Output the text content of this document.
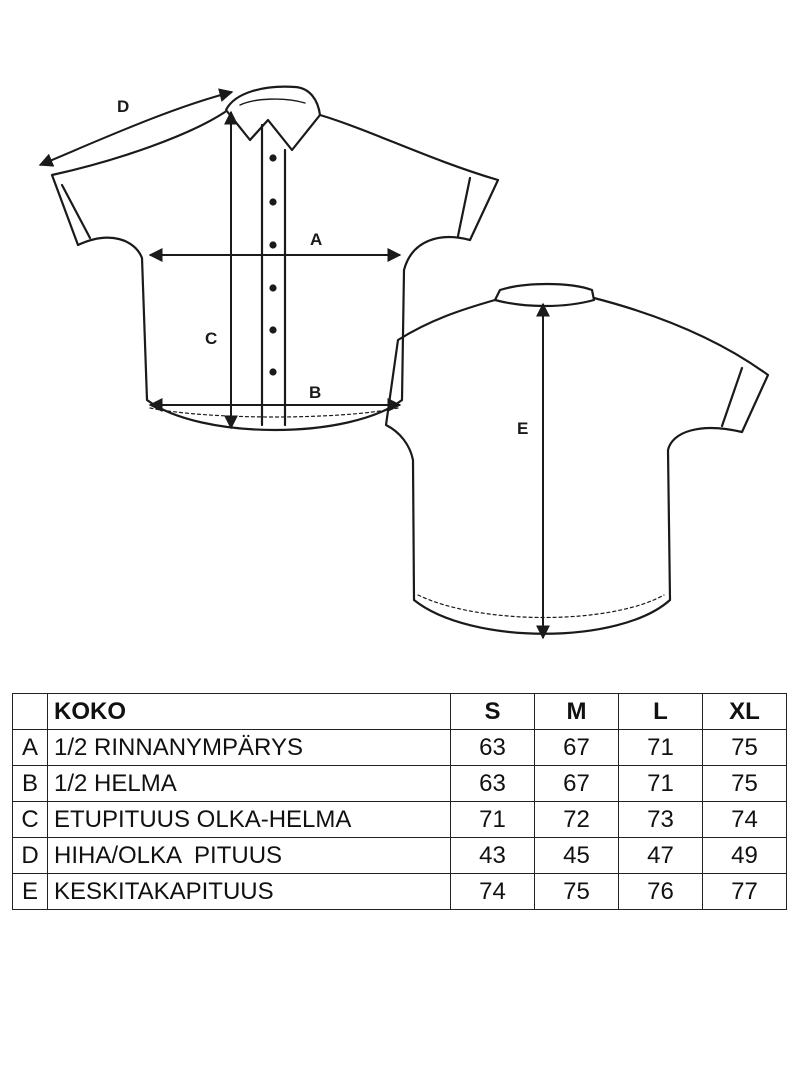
A
B
C
D
E
	KOKO	S	M	L	XL
A	1/2 RINNANYMPÄRYS	63	67	71	75
B	1/2 HELMA	63	67	71	75
C	ETUPITUUS OLKA-HELMA	71	72	73	74
D	HIHA/OLKA  PITUUS	43	45	47	49
E	KESKITAKAPITUUS	74	75	76	77
